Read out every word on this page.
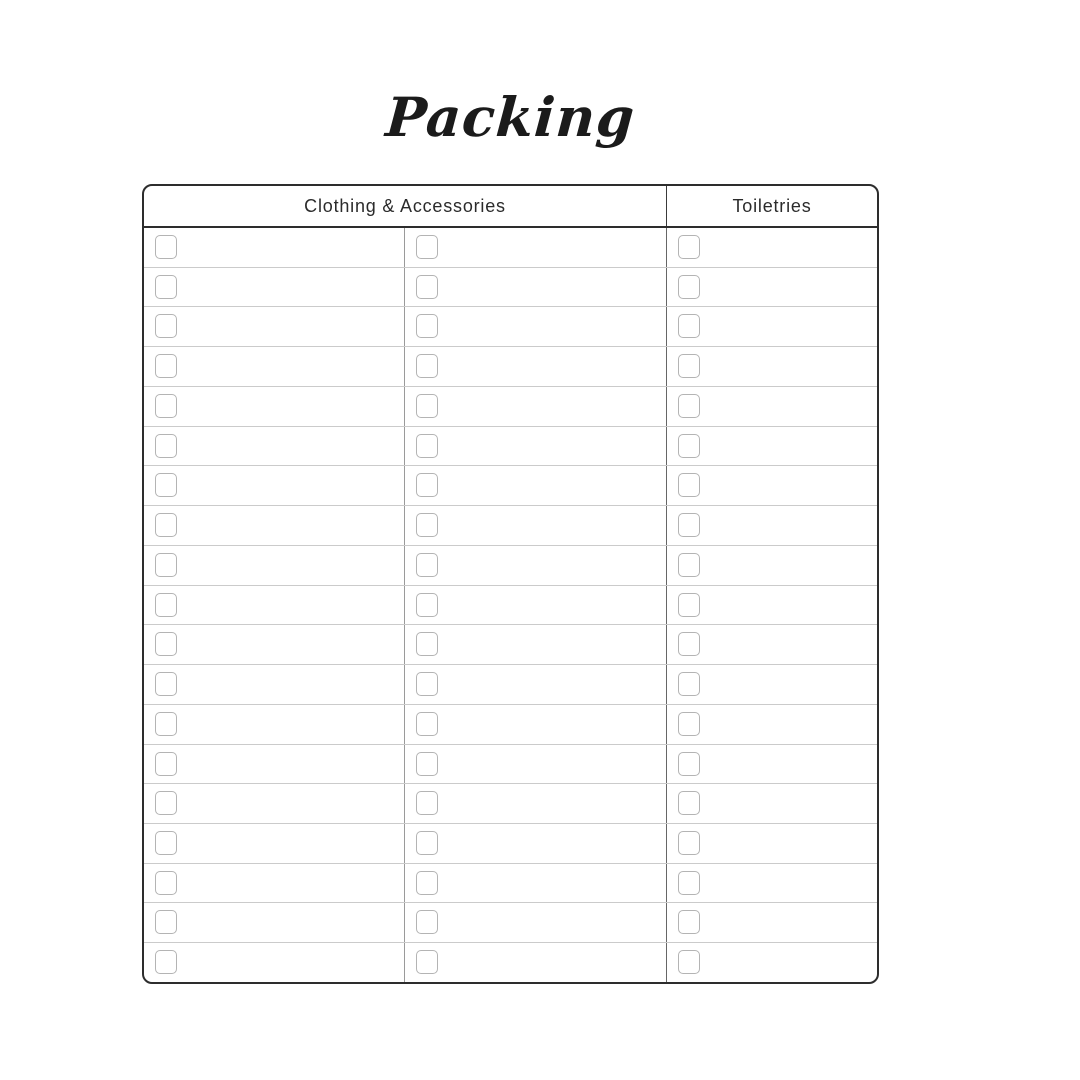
Packing
Clothing & Accessories	Toiletries
